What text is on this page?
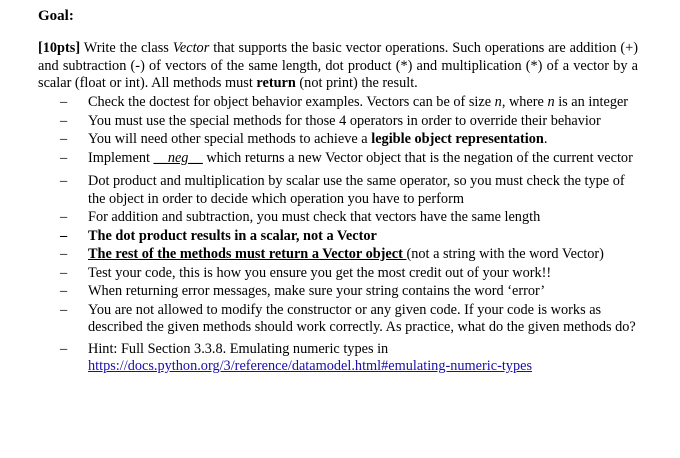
Goal:
[10pts] Write the class Vector that supports the basic vector operations. Such operations are addition (+) and subtraction (-) of vectors of the same length, dot product (*) and multiplication (*) of a vector by a scalar (float or int). All methods must return (not print) the result.
– Check the doctest for object behavior examples. Vectors can be of size n, where n is an integer
– You must use the special methods for those 4 operators in order to override their behavior
– You will need other special methods to achieve a legible object representation.
– Implement __neg__ which returns a new Vector object that is the negation of the current vector
– Dot product and multiplication by scalar use the same operator, so you must check the type of the object in order to decide which operation you have to perform
– For addition and subtraction, you must check that vectors have the same length
– The dot product results in a scalar, not a Vector
– The rest of the methods must return a Vector object (not a string with the word Vector)
– Test your code, this is how you ensure you get the most credit out of your work!!
– When returning error messages, make sure your string contains the word ‘error’
– You are not allowed to modify the constructor or any given code. If your code is works as described the given methods should work correctly. As practice, what do the given methods do?
– Hint: Full Section 3.3.8. Emulating numeric types in
https://docs.python.org/3/reference/datamodel.html#emulating-numeric-types
